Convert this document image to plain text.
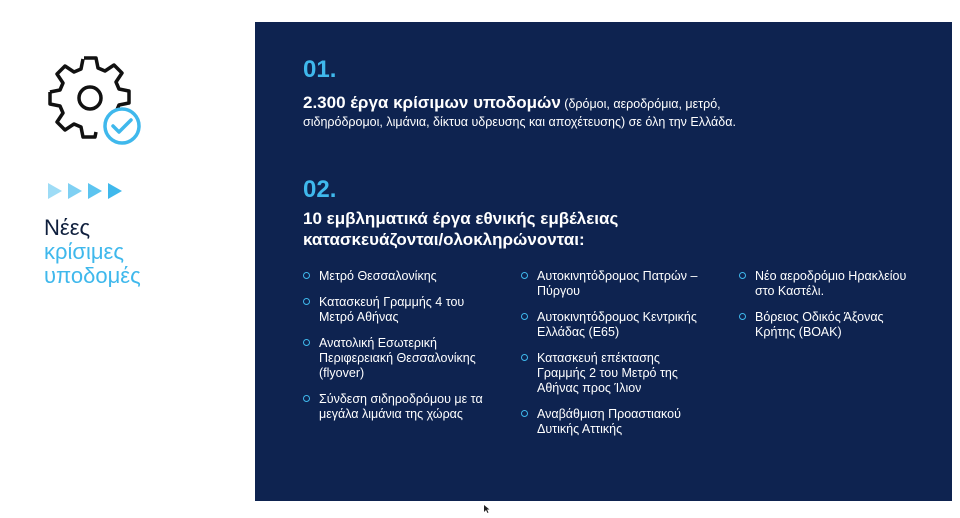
Νέες
κρίσιμες
υποδομές
01.
2.300 έργα κρίσιμων υποδομών (δρόμοι, αεροδρόμια, μετρό, σιδηρόδρομοι, λιμάνια, δίκτυα υδρευσης και αποχέτευσης) σε όλη την Ελλάδα.
02.
10 εμβληματικά έργα εθνικής εμβέλειας
κατασκευάζονται/ολοκληρώνονται:
Μετρό Θεσσαλονίκης
Κατασκευή Γραμμής 4 του Μετρό Αθήνας
Ανατολική Εσωτερική Περιφερειακή Θεσσαλονίκης (flyover)
Σύνδεση σιδηροδρόμου με τα μεγάλα λιμάνια της χώρας
Αυτοκινητόδρομος Πατρών – Πύργου
Αυτοκινητόδρομος Κεντρικής Ελλάδας (Ε65)
Κατασκευή επέκτασης Γραμμής 2 του Μετρό της Αθήνας προς Ίλιον
Αναβάθμιση Προαστιακού Δυτικής Αττικής
Νέο αεροδρόμιο Ηρακλείου στο Καστέλι.
Βόρειος Οδικός Άξονας Κρήτης (ΒΟΑΚ)
